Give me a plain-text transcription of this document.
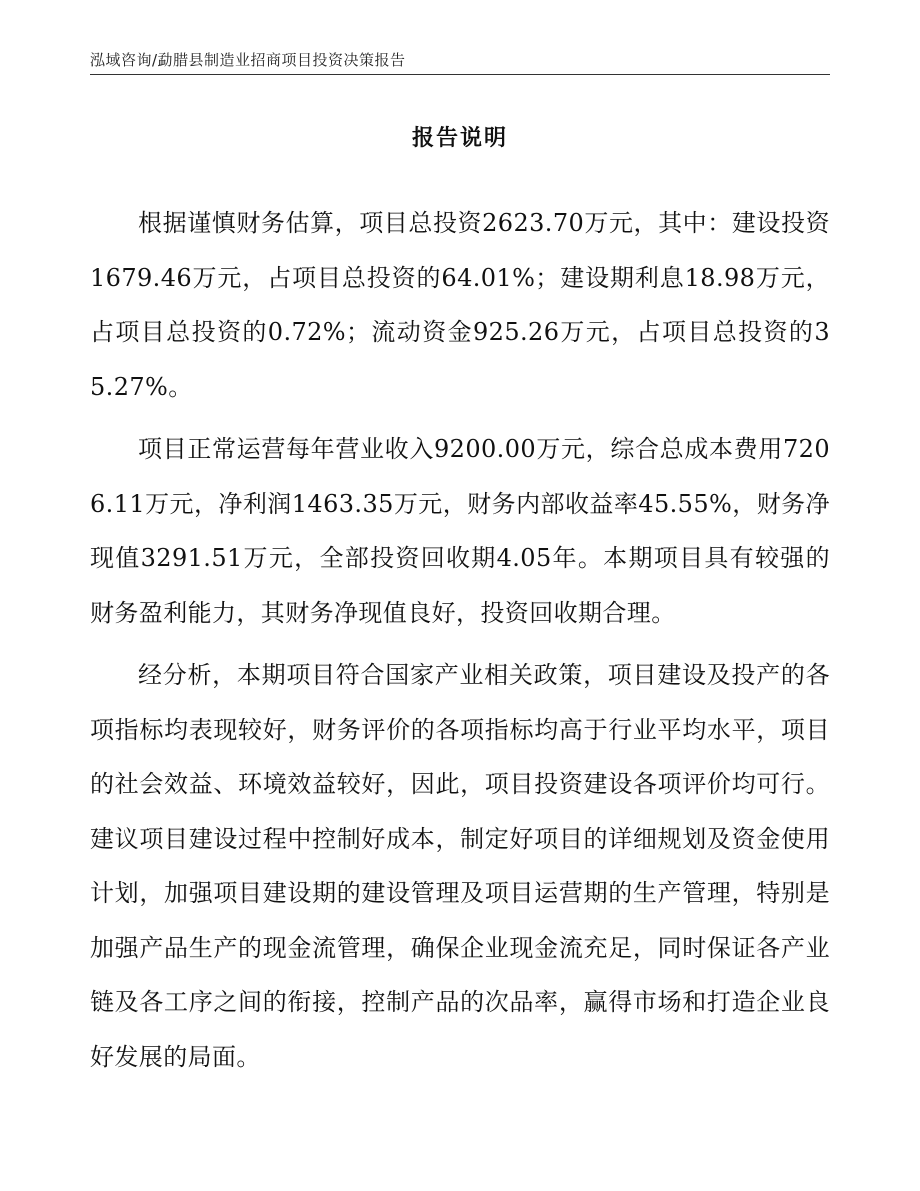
泓域咨询/勐腊县制造业招商项目投资决策报告
报告说明

根据谨慎财务估算，项目总投资2623.70万元，其中：建设投资1679.46万元，占项目总投资的64.01%；建设期利息18.98万元，占项目总投资的0.72%；流动资金925.26万元，占项目总投资的35.27%。

项目正常运营每年营业收入9200.00万元，综合总成本费用7206.11万元，净利润1463.35万元，财务内部收益率45.55%，财务净现值3291.51万元，全部投资回收期4.05年。本期项目具有较强的财务盈利能力，其财务净现值良好，投资回收期合理。

经分析，本期项目符合国家产业相关政策，项目建设及投产的各项指标均表现较好，财务评价的各项指标均高于行业平均水平，项目的社会效益、环境效益较好，因此，项目投资建设各项评价均可行。建议项目建设过程中控制好成本，制定好项目的详细规划及资金使用计划，加强项目建设期的建设管理及项目运营期的生产管理，特别是加强产品生产的现金流管理，确保企业现金流充足，同时保证各产业链及各工序之间的衔接，控制产品的次品率，赢得市场和打造企业良好发展的局面。
